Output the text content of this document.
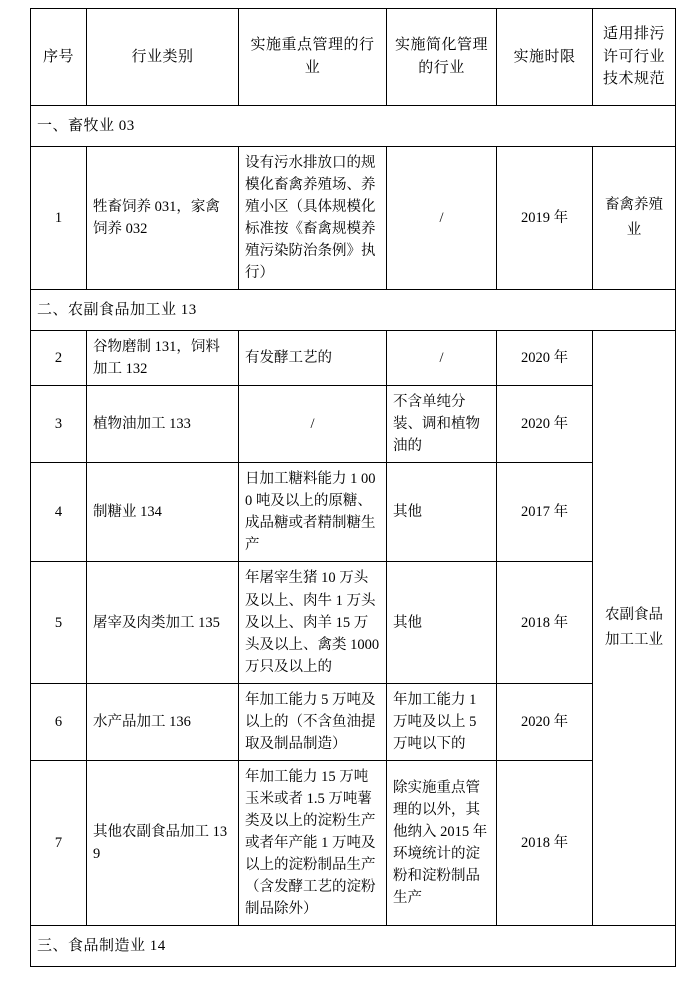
序号	行业类别	实施重点管理的行业	实施简化管理的行业	实施时限	适用排污许可行业技术规范
一、畜牧业 03					
1	牲畜饲养 031，家禽饲养 032	设有污水排放口的规模化畜禽养殖场、养殖小区（具体规模化标准按《畜禽规模养殖污染防治条例》执行）	/	2019 年	畜禽养殖业
二、农副食品加工业 13					
2	谷物磨制 131，饲料加工 132	有发酵工艺的	/	2020 年	农副食品加工工业
3	植物油加工 133	/	不含单纯分装、调和植物油的	2020 年	
4	制糖业 134	日加工糖料能力 1 000 吨及以上的原糖、成品糖或者精制糖生产	其他	2017 年	
5	屠宰及肉类加工 135	年屠宰生猪 10 万头及以上、肉牛 1 万头及以上、肉羊 15 万头及以上、禽类 1000 万只及以上的	其他	2018 年	
6	水产品加工 136	年加工能力 5 万吨及以上的（不含鱼油提取及制品制造）	年加工能力 1 万吨及以上 5 万吨以下的	2020 年	
7	其他农副食品加工 139	年加工能力 15 万吨玉米或者 1.5 万吨薯类及以上的淀粉生产或者年产能 1 万吨及以上的淀粉制品生产（含发酵工艺的淀粉制品除外）	除实施重点管理的以外，其他纳入 2015 年环境统计的淀粉和淀粉制品生产	2018 年	
三、食品制造业 14					
